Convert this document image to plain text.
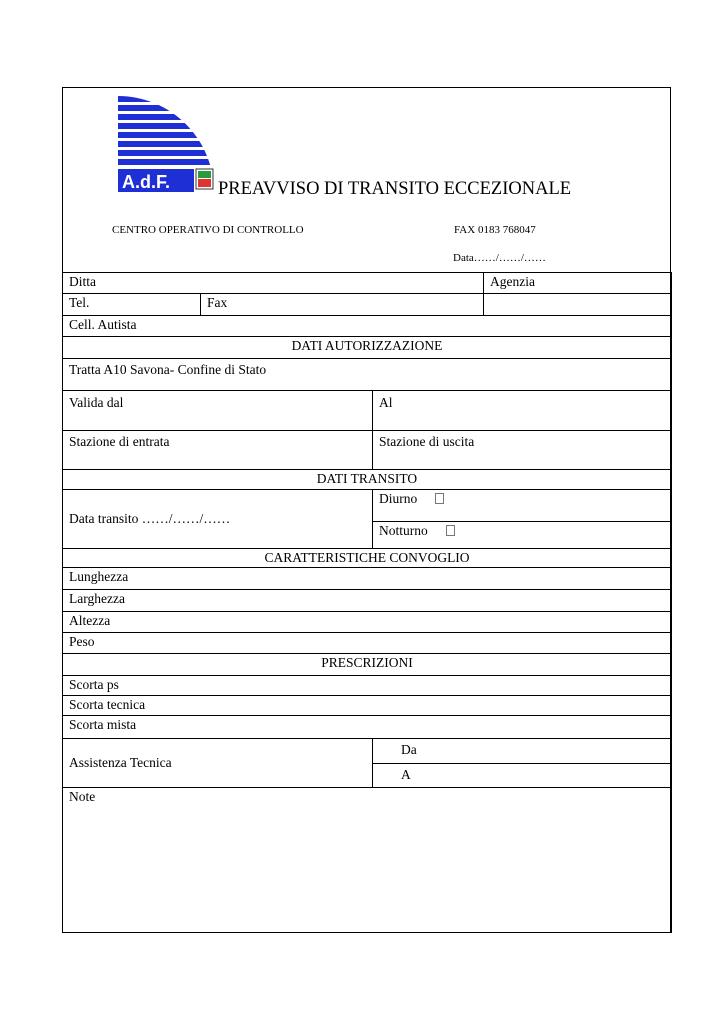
A.d.F.	PREAVVISO DI TRANSITO ECCEZIONALE
CENTRO OPERATIVO DI CONTROLLO	FAX 0183 768047
Data……/……/……
Ditta			Agenzia
Tel.	Fax		
Cell. Autista			
DATI AUTORIZZAZIONE			
Tratta A10 Savona- Confine di Stato			
Valida dal		Al	
Stazione di entrata		Stazione di uscita	
DATI TRANSITO			
Data transito ……/……/……		Diurno	
		Notturno	
CARATTERISTICHE CONVOGLIO			
Lunghezza			
Larghezza			
Altezza			
Peso			
PRESCRIZIONI			
Scorta ps			
Scorta tecnica			
Scorta mista			
Assistenza Tecnica		Da	
		A	
Note			
